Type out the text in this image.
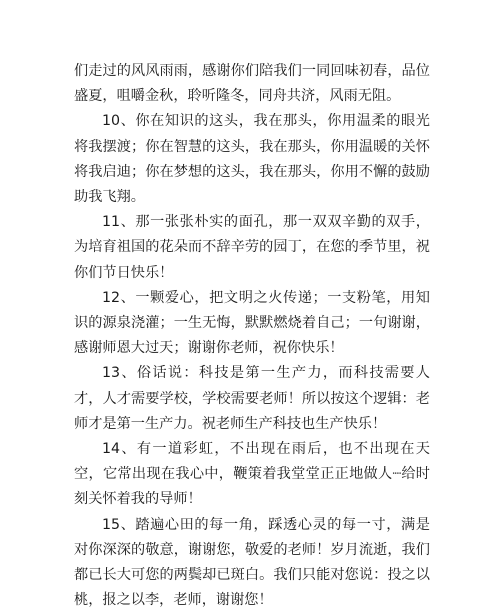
们走过的风风雨雨，感谢你们陪我们一同回味初春，品位盛夏，咀嚼金秋，聆听隆冬，同舟共济，风雨无阻。

10、你在知识的这头，我在那头，你用温柔的眼光将我摆渡；你在智慧的这头，我在那头，你用温暖的关怀将我启迪；你在梦想的这头，我在那头，你用不懈的鼓励助我飞翔。

11、那一张张朴实的面孔，那一双双辛勤的双手，为培育祖国的花朵而不辞辛劳的园丁，在您的季节里，祝你们节日快乐！

12、一颗爱心，把文明之火传递；一支粉笔，用知识的源泉浇灌；一生无悔，默默燃烧着自己；一句谢谢，感谢师恩大过天；谢谢你老师，祝你快乐！

13、俗话说：科技是第一生产力，而科技需要人才，人才需要学校，学校需要老师！所以按这个逻辑：老师才是第一生产力。祝老师生产科技也生产快乐！

14、有一道彩虹，不出现在雨后，也不出现在天空，它常出现在我心中，鞭策着我堂堂正正地做人┈给时刻关怀着我的导师！

15、踏遍心田的每一角，踩透心灵的每一寸，满是对你深深的敬意，谢谢您，敬爱的老师！岁月流逝，我们都已长大可您的两鬓却已斑白。我们只能对您说：投之以桃，报之以李，老师，谢谢您！
